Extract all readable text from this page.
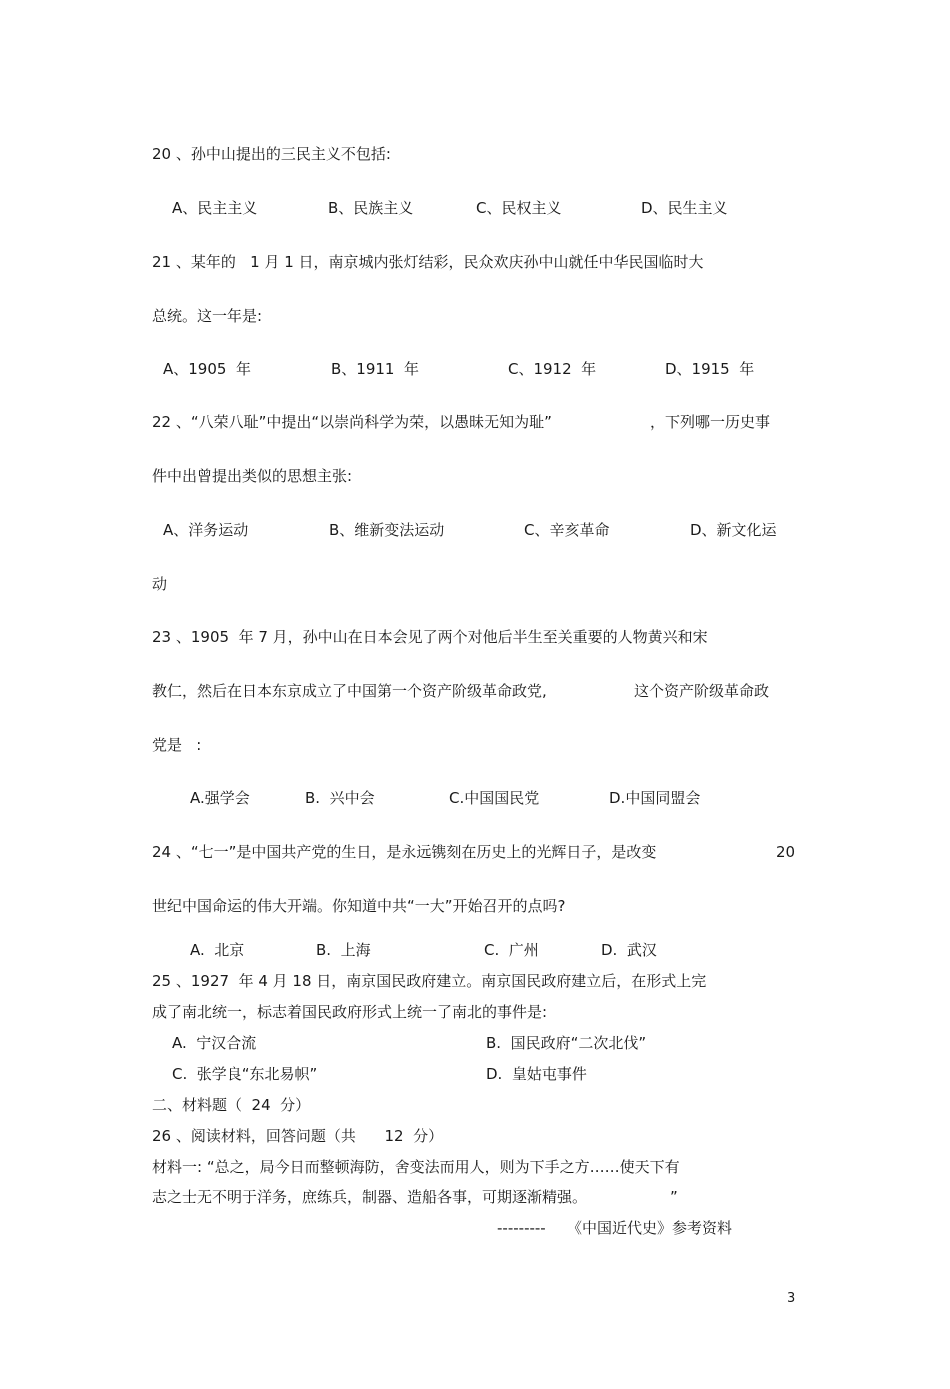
20 、孙中山提出的三民主义不包括:
A、民主主义	B、民族主义	C、民权主义	D、民生主义
21 、某年的   1 月 1 日，南京城内张灯结彩，民众欢庆孙中山就任中华民国临时大
总统。这一年是:
A、1905  年	B、1911  年	C、1912  年	D、1915  年
22 、“八荣八耻”中提出“以崇尚科学为荣，以愚昧无知为耻”	，下列哪一历史事
件中出曾提出类似的思想主张:
A、洋务运动	B、维新变法运动	C、辛亥革命	D、新文化运
动
23 、1905  年 7 月，孙中山在日本会见了两个对他后半生至关重要的人物黄兴和宋
教仁，然后在日本东京成立了中国第一个资产阶级革命政党,	这个资产阶级革命政
党是   :
A.强学会	B.  兴中会	C.中国国民党	D.中国同盟会
24 、“七一”是中国共产党的生日，是永远镌刻在历史上的光辉日子，是改变	20
世纪中国命运的伟大开端。你知道中共“一大”开始召开的点吗?
A.  北京	B.  上海	C.  广州	D.  武汉
25 、1927  年 4 月 18 日，南京国民政府建立。南京国民政府建立后，在形式上完
成了南北统一，标志着国民政府形式上统一了南北的事件是:
A.  宁汉合流	B.  国民政府“二次北伐”
C.  张学良“东北易帜”	D.  皇姑屯事件
二、材料题（  24  分）
26 、阅读材料，回答问题（共      12  分）
材料一: “总之，局今日而整顿海防，舍变法而用人，则为下手之方……使天下有
志之士无不明于洋务，庶练兵，制器、造船各事，可期逐渐精强。	”
--------- 《中国近代史》参考资料
3
